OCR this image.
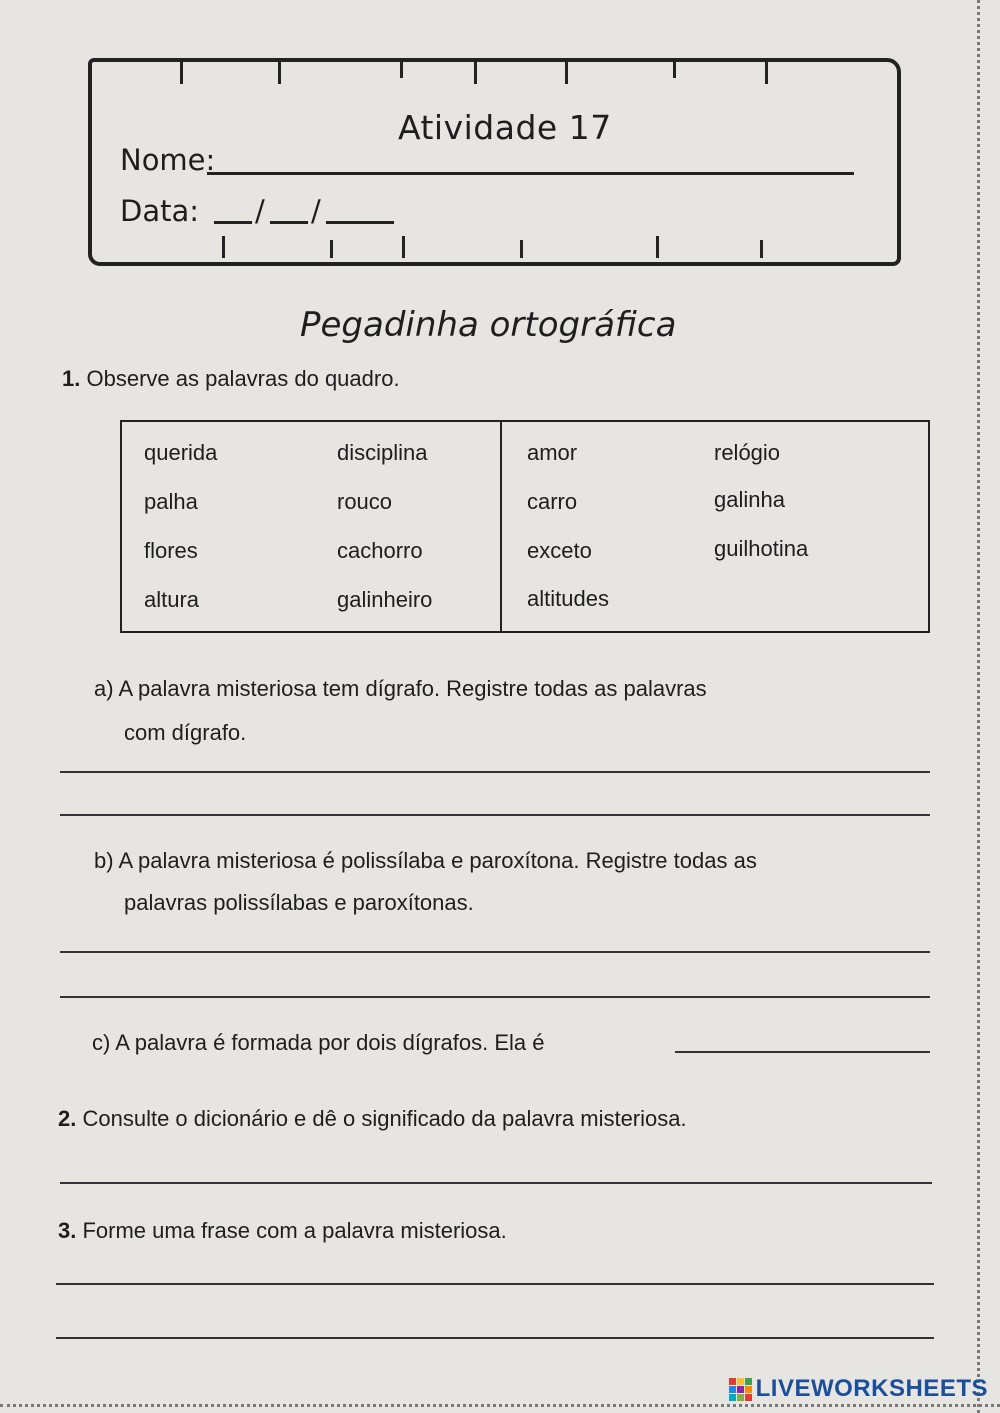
Atividade 17
Nome:
Data: / /
Pegadinha ortográfica
1. Observe as palavras do quadro.
querida	disciplina	amor	relógio
palha	rouco	carro	galinha
flores	cachorro	exceto	guilhotina
altura	galinheiro	altitudes
a) A palavra misteriosa tem dígrafo. Registre todas as palavras
com dígrafo.
b) A palavra misteriosa é polissílaba e paroxítona. Registre todas as
palavras polissílabas e paroxítonas.
c) A palavra é formada por dois dígrafos. Ela é
2. Consulte o dicionário e dê o significado da palavra misteriosa.
3. Forme uma frase com a palavra misteriosa.
LIVEWORKSHEETS
